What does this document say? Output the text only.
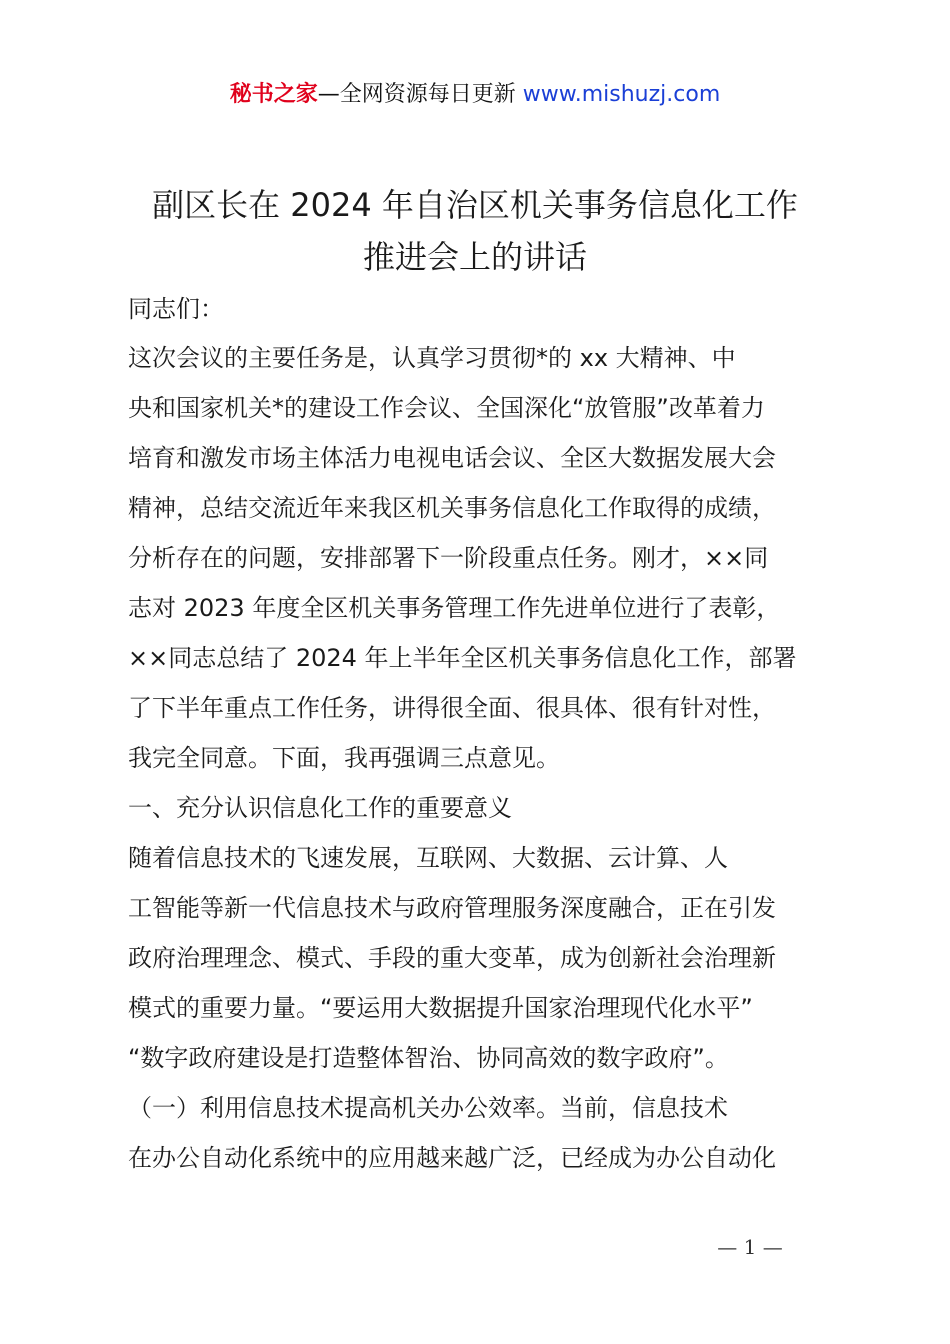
秘书之家—全网资源每日更新 www.mishuzj.com
副区长在 2024 年自治区机关事务信息化工作
推进会上的讲话
同志们：
这次会议的主要任务是，认真学习贯彻*的 xx 大精神、中
央和国家机关*的建设工作会议、全国深化“放管服”改革着力
培育和激发市场主体活力电视电话会议、全区大数据发展大会
精神，总结交流近年来我区机关事务信息化工作取得的成绩，
分析存在的问题，安排部署下一阶段重点任务。刚才，××同
志对 2023 年度全区机关事务管理工作先进单位进行了表彰，
××同志总结了 2024 年上半年全区机关事务信息化工作，部署
了下半年重点工作任务，讲得很全面、很具体、很有针对性，
我完全同意。下面，我再强调三点意见。
一、充分认识信息化工作的重要意义
随着信息技术的飞速发展，互联网、大数据、云计算、人
工智能等新一代信息技术与政府管理服务深度融合，正在引发
政府治理理念、模式、手段的重大变革，成为创新社会治理新
模式的重要力量。“要运用大数据提升国家治理现代化水平”
“数字政府建设是打造整体智治、协同高效的数字政府”。
（一）利用信息技术提高机关办公效率。当前，信息技术
在办公自动化系统中的应用越来越广泛，已经成为办公自动化
— 1 —
